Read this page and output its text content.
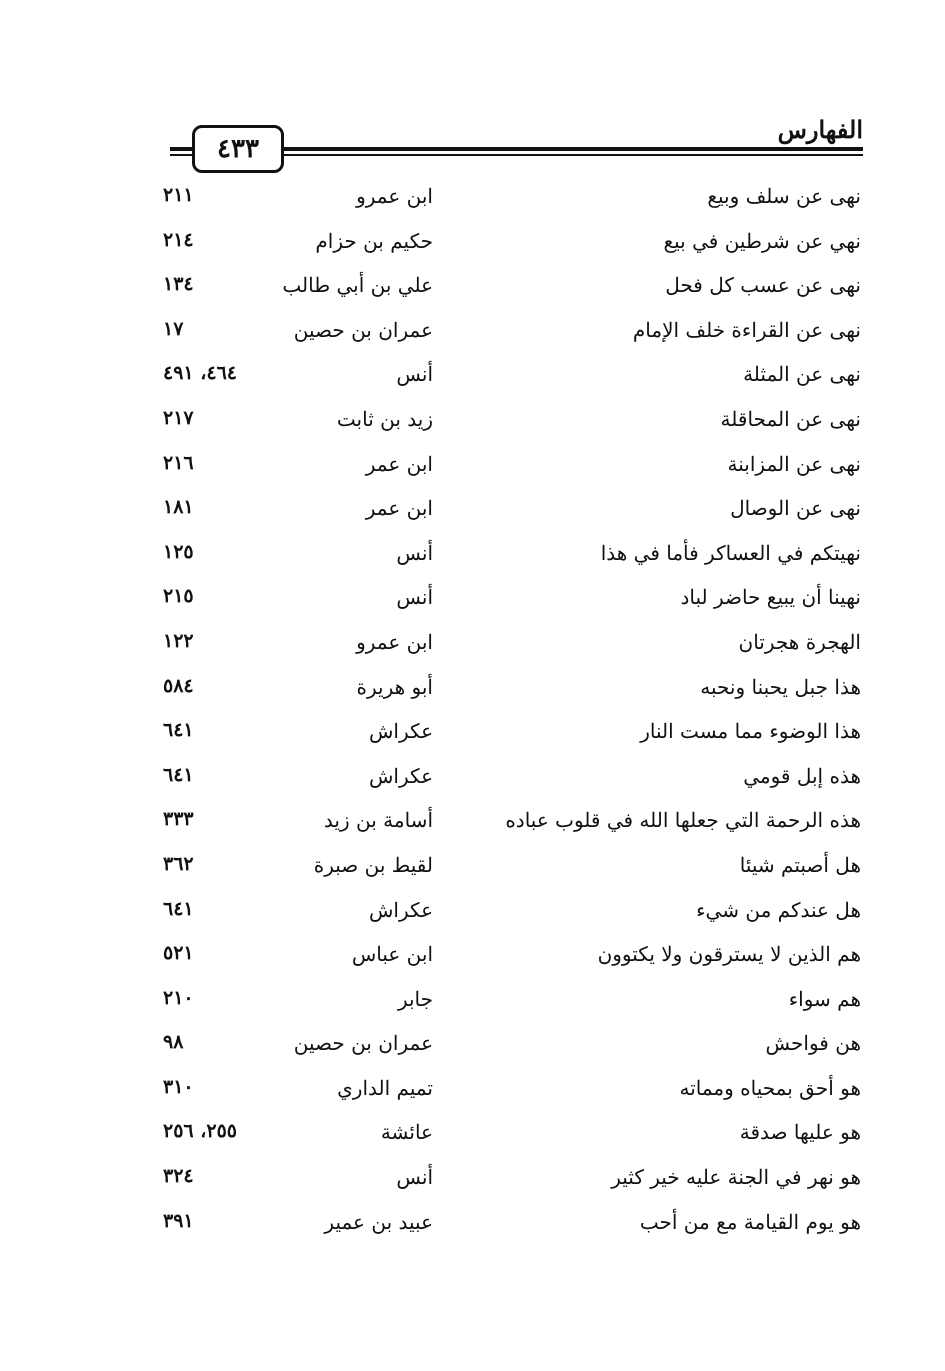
الفهارس
٤٣٣
نهى عن سلف وبيع
ابن عمرو
٢١١
نهي عن شرطين في بيع
حكيم بن حزام
٢١٤
نهى عن عسب كل فحل
علي بن أبي طالب
١٣٤
نهى عن القراءة خلف الإمام
عمران بن حصين
١٧
نهى عن المثلة
أنس
٤٦٤، ٤٩١
نهى عن المحاقلة
زيد بن ثابت
٢١٧
نهى عن المزابنة
ابن عمر
٢١٦
نهى عن الوصال
ابن عمر
١٨١
نهيتكم في العساكر فأما في هذا
أنس
١٢٥
نهينا أن يبيع حاضر لباد
أنس
٢١٥
الهجرة هجرتان
ابن عمرو
١٢٢
هذا جبل يحبنا ونحبه
أبو هريرة
٥٨٤
هذا الوضوء مما مست النار
عكراش
٦٤١
هذه إبل قومي
عكراش
٦٤١
هذه الرحمة التي جعلها الله في قلوب عباده
أسامة بن زيد
٣٣٣
هل أصبتم شيئا
لقيط بن صبرة
٣٦٢
هل عندكم من شيء
عكراش
٦٤١
هم الذين لا يسترقون ولا يكتوون
ابن عباس
٥٢١
هم سواء
جابر
٢١٠
هن فواحش
عمران بن حصين
٩٨
هو أحق بمحياه ومماته
تميم الداري
٣١٠
هو عليها صدقة
عائشة
٢٥٥، ٢٥٦
هو نهر في الجنة عليه خير كثير
أنس
٣٢٤
هو يوم القيامة مع من أحب
عبيد بن عمير
٣٩١
